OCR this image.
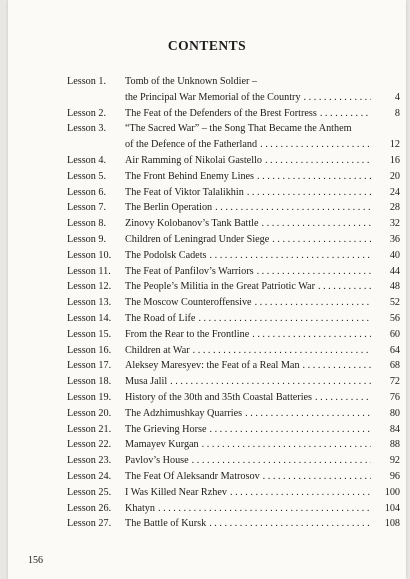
CONTENTS
Lesson 1.	Tomb of the Unknown Soldier –
the Principal War Memorial of the Country . . .	4
Lesson 2.	The Feat of the Defenders of the Brest Fortress . . .	8
Lesson 3.	“The Sacred War” – the Song That Became the Anthem
of the Defence of the Fatherland . . .	12
Lesson 4.	Air Ramming of Nikolai Gastello . . .	16
Lesson 5.	The Front Behind Enemy Lines . . .	20
Lesson 6.	The Feat of Viktor Talalikhin . . .	24
Lesson 7.	The Berlin Operation . . .	28
Lesson 8.	Zinovy Kolobanov’s Tank Battle . . .	32
Lesson 9.	Children of Leningrad Under Siege . . .	36
Lesson 10.	The Podolsk Cadets . . .	40
Lesson 11.	The Feat of Panfilov’s Warriors . . .	44
Lesson 12.	The People’s Militia in the Great Patriotic War . . .	48
Lesson 13.	The Moscow Counteroffensive . . .	52
Lesson 14.	The Road of Life . . .	56
Lesson 15.	From the Rear to the Frontline . . .	60
Lesson 16.	Children at War . . .	64
Lesson 17.	Aleksey Maresyev: the Feat of a Real Man . . .	68
Lesson 18.	Musa Jalil . . .	72
Lesson 19.	History of the 30th and 35th Coastal Batteries . . .	76
Lesson 20.	The Adzhimushkay Quarries . . .	80
Lesson 21.	The Grieving Horse . . .	84
Lesson 22.	Mamayev Kurgan . . .	88
Lesson 23.	Pavlov’s House . . .	92
Lesson 24.	The Feat Of Aleksandr Matrosov . . .	96
Lesson 25.	I Was Killed Near Rzhev . . .	100
Lesson 26.	Khatyn . . .	104
Lesson 27.	The Battle of Kursk . . .	108
156
